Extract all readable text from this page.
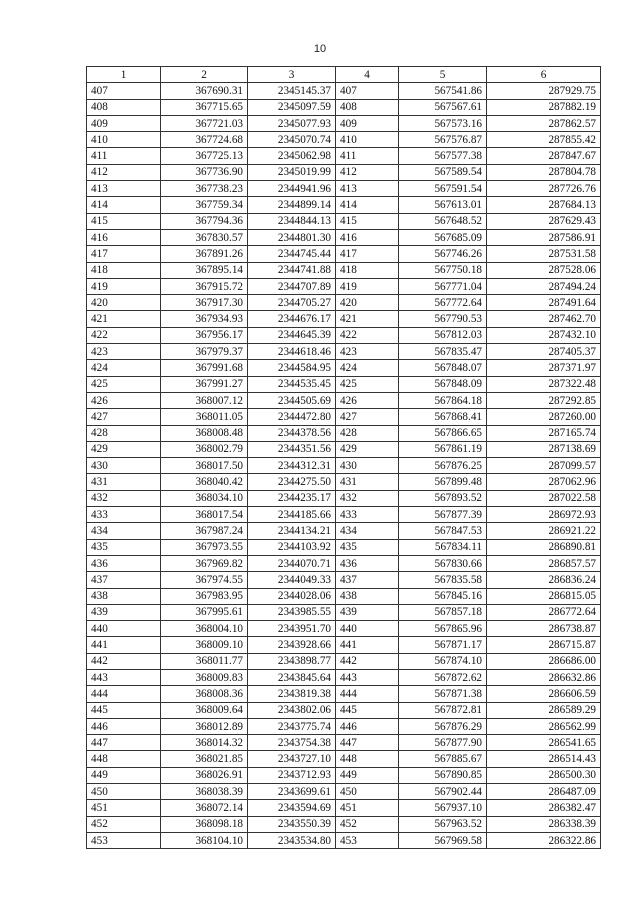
10
1	2	3	4	5	6
407	367690.31	2345145.37	407	567541.86	287929.75
408	367715.65	2345097.59	408	567567.61	287882.19
409	367721.03	2345077.93	409	567573.16	287862.57
410	367724.68	2345070.74	410	567576.87	287855.42
411	367725.13	2345062.98	411	567577.38	287847.67
412	367736.90	2345019.99	412	567589.54	287804.78
413	367738.23	2344941.96	413	567591.54	287726.76
414	367759.34	2344899.14	414	567613.01	287684.13
415	367794.36	2344844.13	415	567648.52	287629.43
416	367830.57	2344801.30	416	567685.09	287586.91
417	367891.26	2344745.44	417	567746.26	287531.58
418	367895.14	2344741.88	418	567750.18	287528.06
419	367915.72	2344707.89	419	567771.04	287494.24
420	367917.30	2344705.27	420	567772.64	287491.64
421	367934.93	2344676.17	421	567790.53	287462.70
422	367956.17	2344645.39	422	567812.03	287432.10
423	367979.37	2344618.46	423	567835.47	287405.37
424	367991.68	2344584.95	424	567848.07	287371.97
425	367991.27	2344535.45	425	567848.09	287322.48
426	368007.12	2344505.69	426	567864.18	287292.85
427	368011.05	2344472.80	427	567868.41	287260.00
428	368008.48	2344378.56	428	567866.65	287165.74
429	368002.79	2344351.56	429	567861.19	287138.69
430	368017.50	2344312.31	430	567876.25	287099.57
431	368040.42	2344275.50	431	567899.48	287062.96
432	368034.10	2344235.17	432	567893.52	287022.58
433	368017.54	2344185.66	433	567877.39	286972.93
434	367987.24	2344134.21	434	567847.53	286921.22
435	367973.55	2344103.92	435	567834.11	286890.81
436	367969.82	2344070.71	436	567830.66	286857.57
437	367974.55	2344049.33	437	567835.58	286836.24
438	367983.95	2344028.06	438	567845.16	286815.05
439	367995.61	2343985.55	439	567857.18	286772.64
440	368004.10	2343951.70	440	567865.96	286738.87
441	368009.10	2343928.66	441	567871.17	286715.87
442	368011.77	2343898.77	442	567874.10	286686.00
443	368009.83	2343845.64	443	567872.62	286632.86
444	368008.36	2343819.38	444	567871.38	286606.59
445	368009.64	2343802.06	445	567872.81	286589.29
446	368012.89	2343775.74	446	567876.29	286562.99
447	368014.32	2343754.38	447	567877.90	286541.65
448	368021.85	2343727.10	448	567885.67	286514.43
449	368026.91	2343712.93	449	567890.85	286500.30
450	368038.39	2343699.61	450	567902.44	286487.09
451	368072.14	2343594.69	451	567937.10	286382.47
452	368098.18	2343550.39	452	567963.52	286338.39
453	368104.10	2343534.80	453	567969.58	286322.86
